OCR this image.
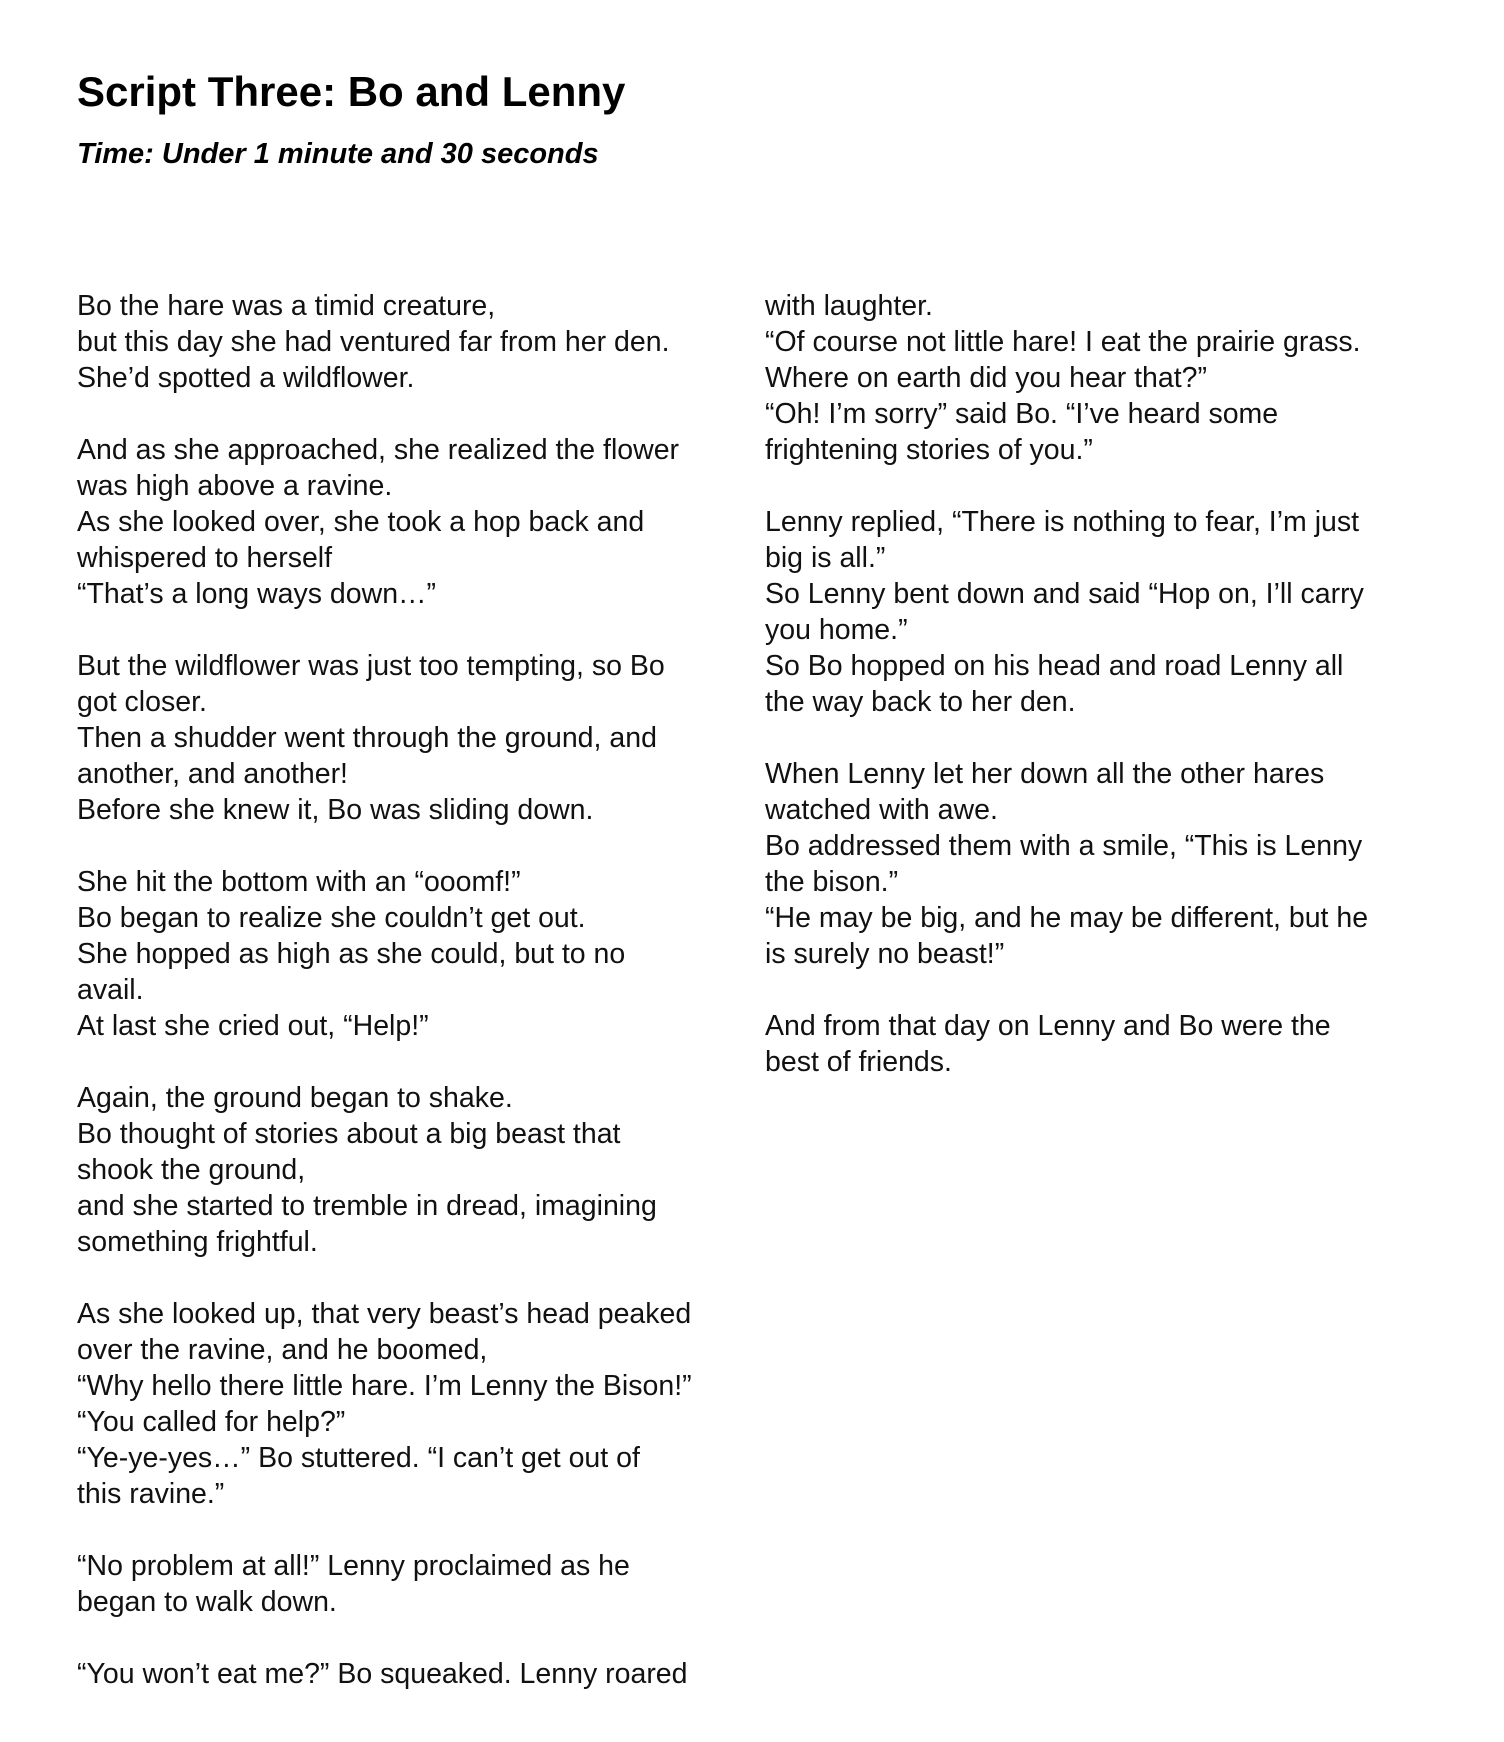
Script Three: Bo and Lenny
Time: Under 1 minute and 30 seconds

Bo the hare was a timid creature,
but this day she had ventured far from her den.
She’d spotted a wildflower.

And as she approached, she realized the flower
was high above a ravine.
As she looked over, she took a hop back and
whispered to herself
“That’s a long ways down…”

But the wildflower was just too tempting, so Bo
got closer.
Then a shudder went through the ground, and
another, and another!
Before she knew it, Bo was sliding down.

She hit the bottom with an “ooomf!”
Bo began to realize she couldn’t get out.
She hopped as high as she could, but to no
avail.
At last she cried out, “Help!”

Again, the ground began to shake.
Bo thought of stories about a big beast that
shook the ground,
and she started to tremble in dread, imagining
something frightful.

As she looked up, that very beast’s head peaked
over the ravine, and he boomed,
“Why hello there little hare. I’m Lenny the Bison!”
“You called for help?”
“Ye-ye-yes…” Bo stuttered. “I can’t get out of
this ravine.”

“No problem at all!” Lenny proclaimed as he
began to walk down.

“You won’t eat me?” Bo squeaked. Lenny roared

with laughter.
“Of course not little hare! I eat the prairie grass.
Where on earth did you hear that?”
“Oh! I’m sorry” said Bo. “I’ve heard some
frightening stories of you.”

Lenny replied, “There is nothing to fear, I’m just
big is all.”
So Lenny bent down and said “Hop on, I’ll carry
you home.”
So Bo hopped on his head and road Lenny all
the way back to her den.

When Lenny let her down all the other hares
watched with awe.
Bo addressed them with a smile, “This is Lenny
the bison.”
“He may be big, and he may be different, but he
is surely no beast!”

And from that day on Lenny and Bo were the
best of friends.
